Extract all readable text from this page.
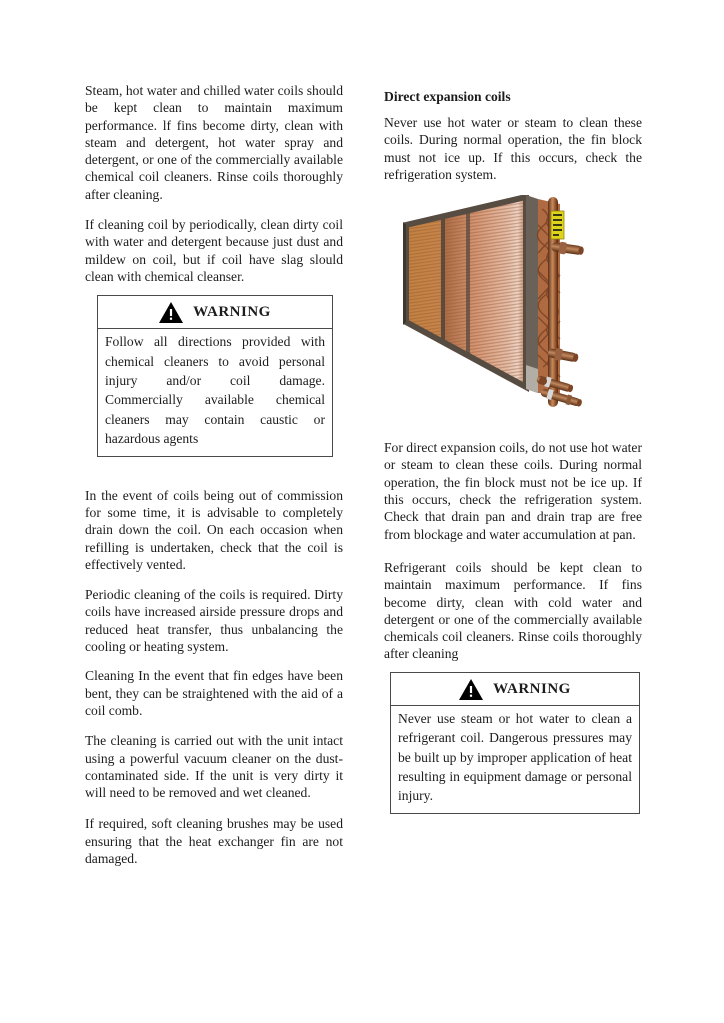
Steam, hot water and chilled water coils should be kept clean to maintain maximum performance. lf fins become dirty, clean with steam and detergent, hot water spray and detergent, or one of the commercially available chemical coil cleaners. Rinse coils thoroughly after cleaning.

If cleaning coil by periodically, clean dirty coil with water and detergent because just dust and mildew on coil, but if coil have slag slould clean with chemical cleanser.

WARNING
Follow all directions provided with chemical cleaners to avoid personal injury and/or coil damage. Commercially available chemical cleaners may contain caustic or hazardous agents

In the event of coils being out of commission for some time, it is advisable to completely drain down the coil. On each occasion when refilling is undertaken, check that the coil is effectively vented.

Periodic cleaning of the coils is required. Dirty coils have increased airside pressure drops and reduced heat transfer, thus unbalancing the cooling or heating system.

Cleaning In the event that fin edges have been bent, they can be straightened with the aid of a coil comb.

The cleaning is carried out with the unit intact using a powerful vacuum cleaner on the dust-contaminated side. If the unit is very dirty it will need to be removed and wet cleaned.

If required, soft cleaning brushes may be used ensuring that the heat exchanger fin are not damaged.

Direct expansion coils

Never use hot water or steam to clean these coils. During normal operation, the fin block must not ice up. If this occurs, check the refrigeration system.

For direct expansion coils, do not use hot water or steam to clean these coils. During normal operation, the fin block must not be ice up. If this occurs, check the refrigeration system. Check that drain pan and drain trap are free from blockage and water accumulation at pan.

Refrigerant coils should be kept clean to maintain maximum performance. If fins become dirty, clean with cold water and detergent or one of the commercially available chemicals coil cleaners. Rinse coils thoroughly after cleaning

WARNING
Never use steam or hot water to clean a refrigerant coil. Dangerous pressures may be built up by improper application of heat resulting in equipment damage or personal injury.
